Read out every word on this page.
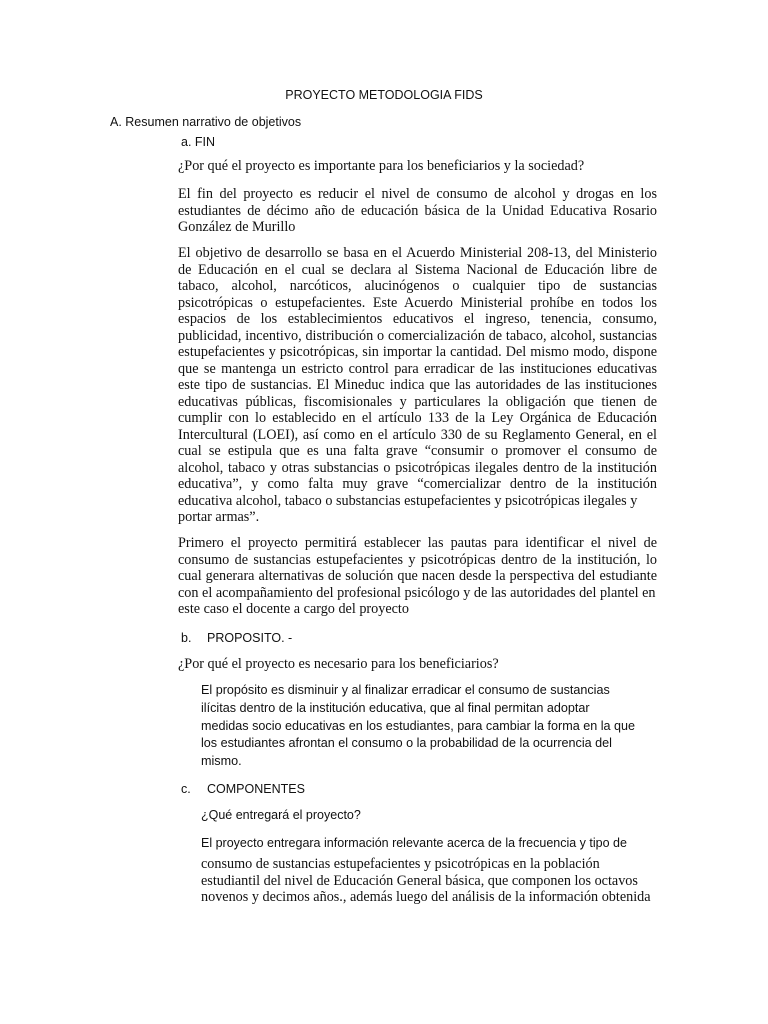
PROYECTO METODOLOGIA FIDS
A. Resumen narrativo de objetivos
a. FIN
¿Por qué el proyecto es importante para los beneficiarios y la sociedad?
El fin del proyecto es reducir el nivel de consumo de alcohol y drogas en los estudiantes de décimo año de educación básica de la Unidad Educativa Rosario González de Murillo
El objetivo de desarrollo se basa en el Acuerdo Ministerial 208-13, del Ministerio de Educación en el cual se declara al Sistema Nacional de Educación libre de tabaco, alcohol, narcóticos, alucinógenos o cualquier tipo de sustancias psicotrópicas o estupefacientes. Este Acuerdo Ministerial prohíbe en todos los espacios de los establecimientos educativos el ingreso, tenencia, consumo, publicidad, incentivo, distribución o comercialización de tabaco, alcohol, sustancias estupefacientes y psicotrópicas, sin importar la cantidad. Del mismo modo, dispone que se mantenga un estricto control para erradicar de las instituciones educativas este tipo de sustancias. El Mineduc indica que las autoridades de las instituciones educativas públicas, fiscomisionales y particulares la obligación que tienen de cumplir con lo establecido en el artículo 133 de la Ley Orgánica de Educación Intercultural (LOEI), así como en el artículo 330 de su Reglamento General, en el cual se estipula que es una falta grave “consumir o promover el consumo de alcohol, tabaco y otras substancias o psicotrópicas ilegales dentro de la institución educativa”, y como falta muy grave “comercializar dentro de la institución educativa alcohol, tabaco o substancias estupefacientes y psicotrópicas ilegales y
portar armas”.
Primero el proyecto permitirá establecer las pautas para identificar el nivel de consumo de sustancias estupefacientes y psicotrópicas dentro de la institución, lo cual generara alternativas de solución que nacen desde la perspectiva del estudiante con el acompañamiento del profesional psicólogo y de las autoridades del plantel en
este caso el docente a cargo del proyecto
b. PROPOSITO. -
¿Por qué el proyecto es necesario para los beneficiarios?
El propósito es disminuir y al finalizar erradicar el consumo de sustancias
ilícitas dentro de la institución educativa, que al final permitan adoptar
medidas socio educativas en los estudiantes, para cambiar la forma en la que
los estudiantes afrontan el consumo o la probabilidad de la ocurrencia del
mismo.
c. COMPONENTES
¿Qué entregará el proyecto?
El proyecto entregara información relevante acerca de la frecuencia y tipo de
consumo de sustancias estupefacientes y psicotrópicas en la población
estudiantil del nivel de Educación General básica, que componen los octavos
novenos y decimos años., además luego del análisis de la información obtenida
